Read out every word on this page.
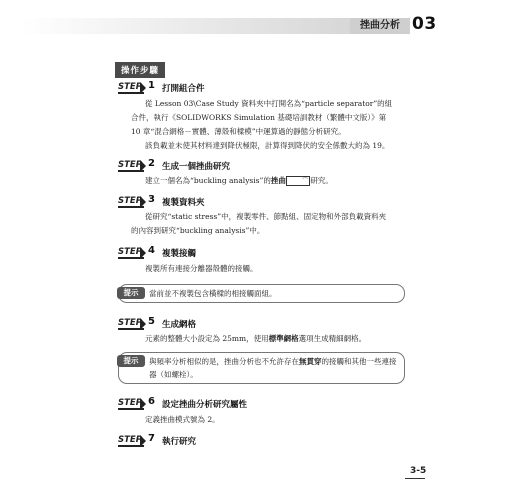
挫曲分析 03
操作步驟
STEP 1 打開組合件
從 Lesson 03\Case Study 資料夾中打開名為“particle separator”的組合件，執行《SOLIDWORKS Simulation 基礎培訓教材（繁體中文版）》第 10 章“混合網格－實體、薄殼和樑模”中運算過的靜態分析研究。
該負載並未使其材料達到降伏極限，計算得到降伏的安全係數大約為 19。
STEP 2 生成一個挫曲研究
建立一個名為“buckling analysis”的挫曲 ⌒ 研究。
STEP 3 複製資料夾
從研究“static stress”中，複製零件、節點組、固定物和外部負載資料夾的內容到研究“buckling analysis”中。
STEP 4 複製接觸
複製所有連接分離器殼體的接觸。
提示	當前並不複製包含橫樑的相接觸面組。
STEP 5 生成網格
元素的整體大小設定為 25mm，使用標準網格選項生成精細網格。
提示	與頻率分析相似的是，挫曲分析也不允許存在無貫穿的接觸和其他一些連接器（如螺栓）。
STEP 6 設定挫曲分析研究屬性
定義挫曲模式號為 2。
STEP 7 執行研究
3-5
